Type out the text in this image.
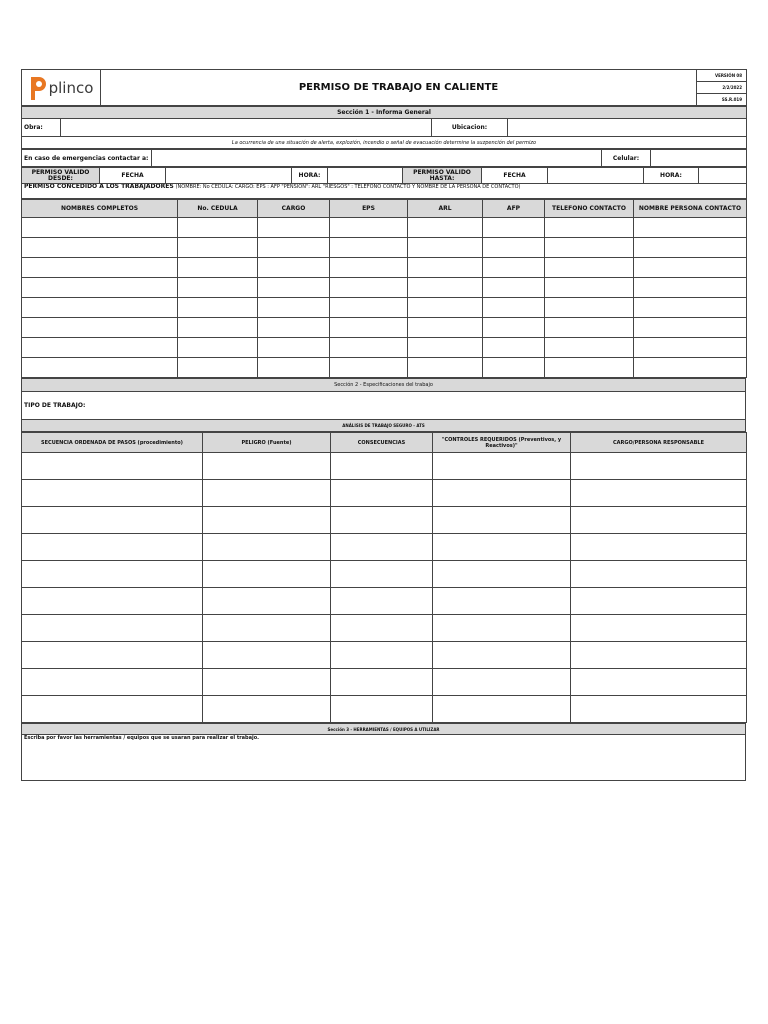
plinco	PERMISO DE TRABAJO EN CALIENTE	VERSIÓN 08
2/2/2022
SS.R.019
Sección 1 - Informa General
Obra:		Ubicacion:	
La ocurrencia de una situación de alerta, explozión, incendio o señal de evacuación determine la suzpención del permizo
En caso de emergencias contactar a:		Celular:	
PERMISO VALIDO DESDE:	FECHA		HORA:		PERMISO VALIDO HASTA:	FECHA		HORA:	
PERMISO CONCEDIDO A LOS TRABAJADORES (NOMBRE: No CEDULA: CARGO: EPS : AFP "PENSION": ARL "RIESGOS" : TELEFONO CONTACTO Y NOMBRE DE LA PERSONA DE CONTACTO)
NOMBRES COMPLETOS	No. CEDULA	CARGO	EPS	ARL	AFP	TELEFONO CONTACTO	NOMBRE PERSONA CONTACTO

Sección 2 - Especificaciones del trabajo
TIPO DE TRABAJO:
ANÁLISIS DE TRABAJO SEGURO - ATS
SECUENCIA ORDENADA DE PASOS (procedimiento)	PELIGRO (Fuente)	CONSECUENCIAS	"CONTROLES REQUERIDOS (Preventivos, y Reactivos)"	CARGO/PERSONA RESPONSABLE

Sección 3 - HERRAMIENTAS / EQUIPOS A UTILIZAR
Escriba por favor las herramientas / equipos que se usaran para realizar el trabajo.
